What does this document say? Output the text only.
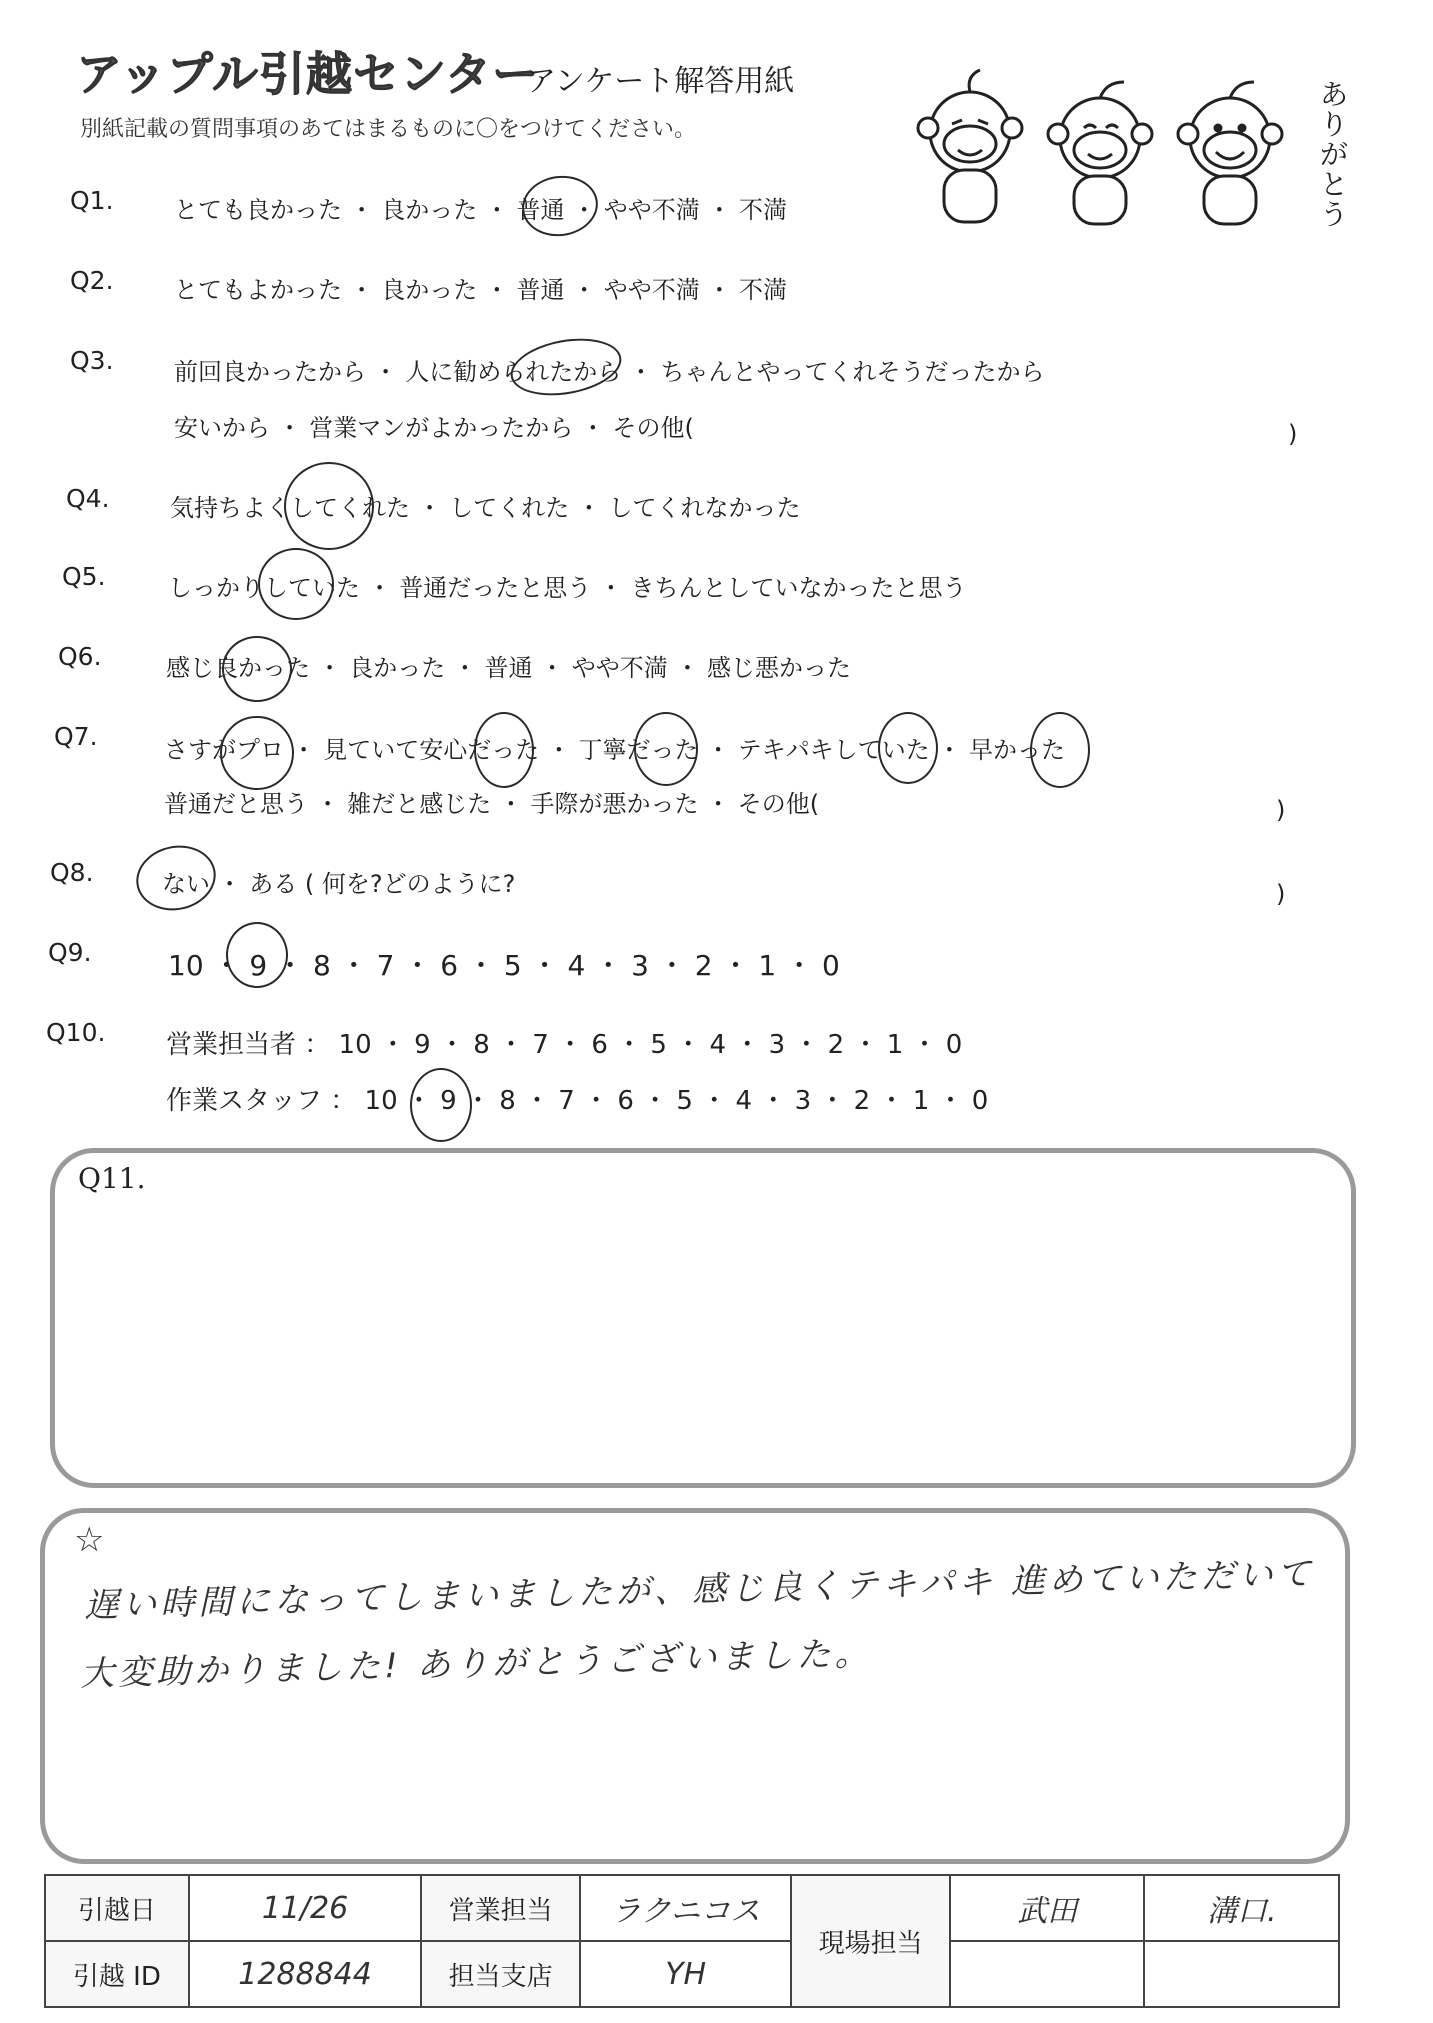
アップル引越センター
アンケート解答用紙
別紙記載の質問事項のあてはまるものに〇をつけてください。
ありがとう
Q1.	とても良かった ・ 良かった ・ 普通 ・ やや不満 ・ 不満
Q2.	とてもよかった ・ 良かった ・ 普通 ・ やや不満 ・ 不満
Q3.	前回良かったから ・ 人に勧められたから ・ ちゃんとやってくれそうだったから
安いから ・ 営業マンがよかったから ・ その他(	)
Q4.	気持ちよくしてくれた ・ してくれた ・ してくれなかった
Q5.	しっかりしていた ・ 普通だったと思う ・ きちんとしていなかったと思う
Q6.	感じ良かった ・ 良かった ・ 普通 ・ やや不満 ・ 感じ悪かった
Q7.	さすがプロ ・ 見ていて安心だった ・ 丁寧だった ・ テキパキしていた ・ 早かった
普通だと思う ・ 雑だと感じた ・ 手際が悪かった ・ その他(	)
Q8.	ない ・ ある ( 何を?どのように?	)
Q9.	10 ・ 9 ・ 8 ・ 7 ・ 6 ・ 5 ・ 4 ・ 3 ・ 2 ・ 1 ・ 0
Q10. 営業担当者 ： 10 ・ 9 ・ 8 ・ 7 ・ 6 ・ 5 ・ 4 ・ 3 ・ 2 ・ 1 ・ 0
作業スタッフ ： 10 ・ 9 ・ 8 ・ 7 ・ 6 ・ 5 ・ 4 ・ 3 ・ 2 ・ 1 ・ 0
Q11.
☆
遅い時間になってしまいましたが、感じ良くテキパキ 進めていただいて
大変助かりました! ありがとうございました。
引越日	11/26	営業担当	ラクニコス	現場担当	武田	溝口.
引越 ID	1288844	担当支店	YH			
